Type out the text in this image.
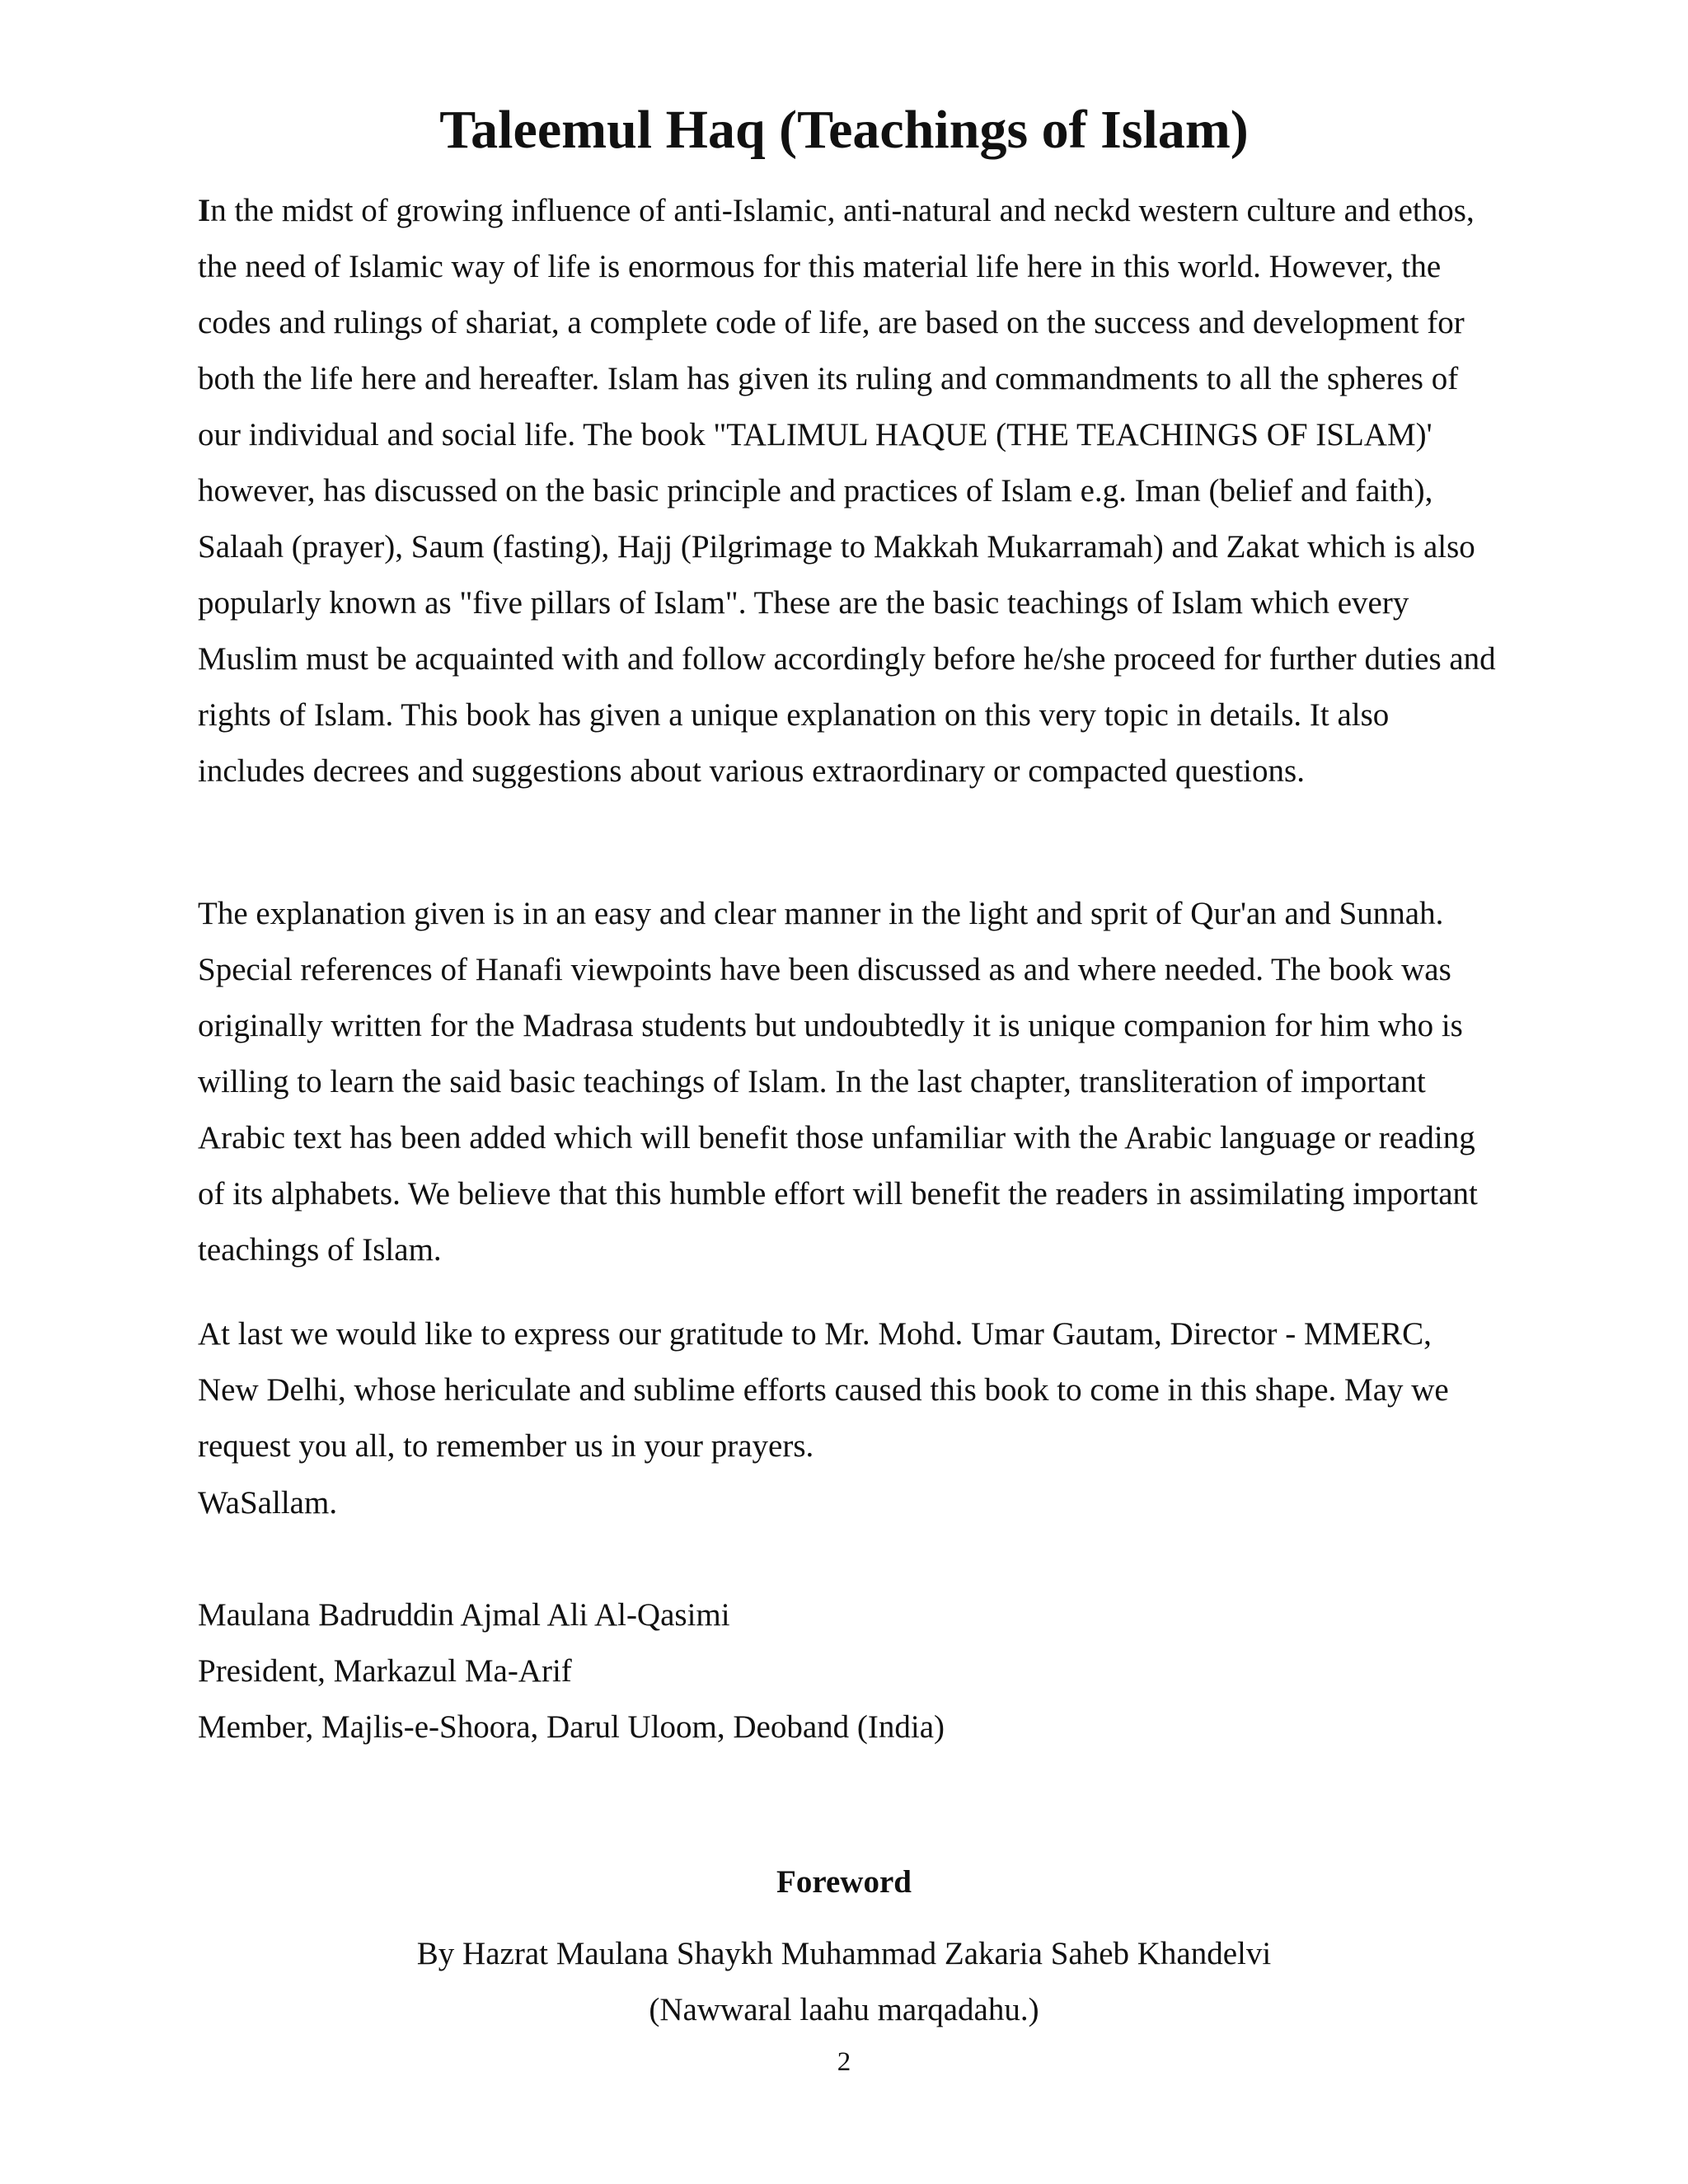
Taleemul Haq (Teachings of Islam)

In the midst of growing influence of anti-Islamic, anti-natural and neckd western culture and ethos, the need of Islamic way of life is enormous for this material life here in this world. However, the codes and rulings of shariat, a complete code of life, are based on the success and development for both the life here and hereafter. Islam has given its ruling and commandments to all the spheres of our individual and social life. The book "TALIMUL HAQUE (THE TEACHINGS OF ISLAM)' however, has discussed on the basic principle and practices of Islam e.g. Iman (belief and faith), Salaah (prayer), Saum (fasting), Hajj (Pilgrimage to Makkah Mukarramah) and Zakat which is also popularly known as "five pillars of Islam". These are the basic teachings of Islam which every Muslim must be acquainted with and follow accordingly before he/she proceed for further duties and rights of Islam. This book has given a unique explanation on this very topic in details. It also includes decrees and suggestions about various extraordinary or compacted questions.

The explanation given is in an easy and clear manner in the light and sprit of Qur'an and Sunnah. Special references of Hanafi viewpoints have been discussed as and where needed. The book was originally written for the Madrasa students but undoubtedly it is unique companion for him who is willing to learn the said basic teachings of Islam. In the last chapter, transliteration of important Arabic text has been added which will benefit those unfamiliar with the Arabic language or reading of its alphabets. We believe that this humble effort will benefit the readers in assimilating important teachings of Islam.

At last we would like to express our gratitude to Mr. Mohd. Umar Gautam, Director - MMERC, New Delhi, whose hericulate and sublime efforts caused this book to come in this shape. May we request you all, to remember us in your prayers.

WaSallam.

Maulana Badruddin Ajmal Ali Al-Qasimi
President, Markazul Ma-Arif
Member, Majlis-e-Shoora, Darul Uloom, Deoband (India)

Foreword

By Hazrat Maulana Shaykh Muhammad Zakaria Saheb Khandelvi

(Nawwaral laahu marqadahu.)

2
